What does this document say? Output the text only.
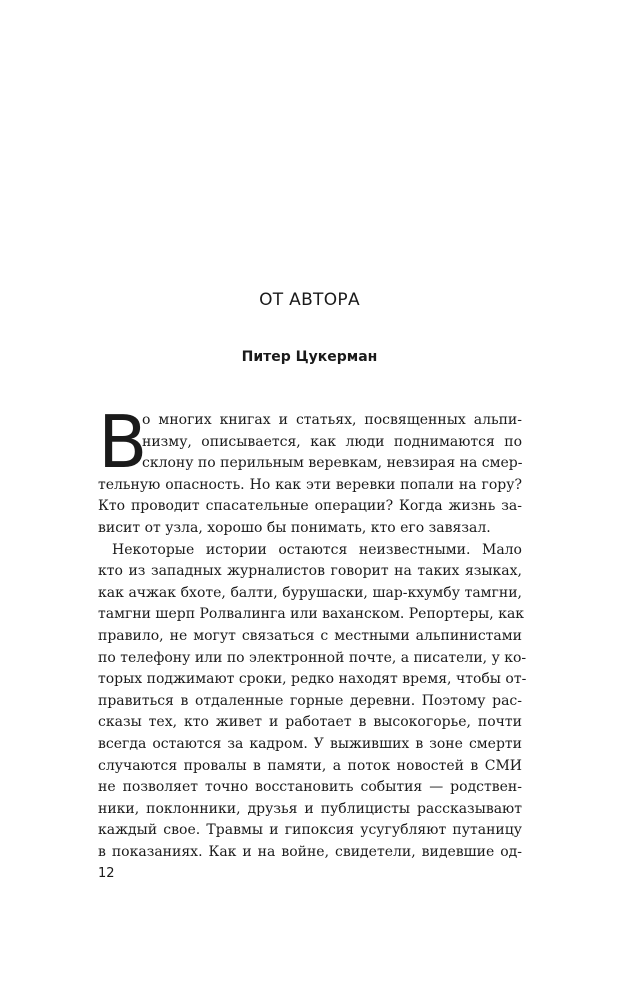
ОТ АВТОРА
Питер Цукерман
В
о многих книгах и статьях, посвященных альпи-
низму, описывается, как люди поднимаются по
склону по перильным веревкам, невзирая на смер-
тельную опасность. Но как эти веревки попали на гору?
Кто проводит спасательные операции? Когда жизнь за-
висит от узла, хорошо бы понимать, кто его завязал.
Некоторые истории остаются неизвестными. Мало
кто из западных журналистов говорит на таких языках,
как ачжак бхоте, балти, бурушаски, шар-кхумбу тамгни,
тамгни шерп Ролвалинга или ваханском. Репортеры, как
правило, не могут связаться с местными альпинистами
по телефону или по электронной почте, а писатели, у ко-
торых поджимают сроки, редко находят время, чтобы от-
правиться в отдаленные горные деревни. Поэтому рас-
сказы тех, кто живет и работает в высокогорье, почти
всегда остаются за кадром. У выживших в зоне смерти
случаются провалы в памяти, а поток новостей в СМИ
не позволяет точно восстановить события — родствен-
ники, поклонники, друзья и публицисты рассказывают
каждый свое. Травмы и гипоксия усугубляют путаницу
в показаниях. Как и на войне, свидетели, видевшие од-

12
